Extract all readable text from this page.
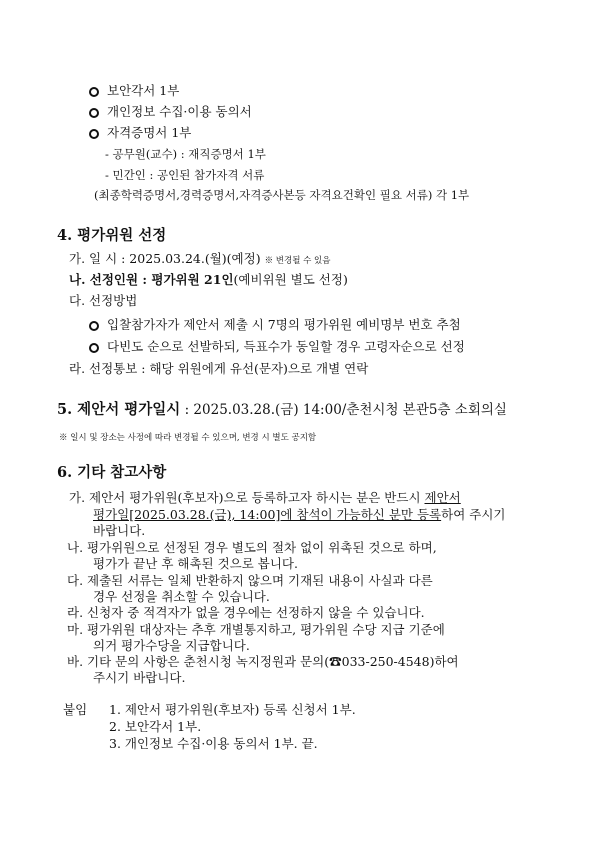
보안각서 1부
개인정보 수집·이용 동의서
자격증명서 1부
- 공무원(교수) : 재직증명서 1부
- 민간인 : 공인된 참가자격 서류
(최종학력증명서,경력증명서,자격증사본등 자격요건확인 필요 서류) 각 1부
4. 평가위원 선정
가. 일 시 : 2025.03.24.(월)(예정) ※ 변경될 수 있음
나. 선정인원 : 평가위원 21인(예비위원 별도 선정)
다. 선정방법
입찰참가자가 제안서 제출 시 7명의 평가위원 예비명부 번호 추첨
다빈도 순으로 선발하되, 득표수가 동일할 경우 고령자순으로 선정
라. 선정통보 : 해당 위원에게 유선(문자)으로 개별 연락
5. 제안서 평가일시 : 2025.03.28.(금) 14:00/춘천시청 본관5층 소회의실
※ 일시 및 장소는 사정에 따라 변경될 수 있으며, 변경 시 별도 공지함
6. 기타 참고사항
가. 제안서 평가위원(후보자)으로 등록하고자 하시는 분은 반드시 제안서
평가일[2025.03.28.(금), 14:00]에 참석이 가능하신 분만 등록하여 주시기
바랍니다.
나. 평가위원으로 선정된 경우 별도의 절차 없이 위촉된 것으로 하며,
평가가 끝난 후 해촉된 것으로 봅니다.
다. 제출된 서류는 일체 반환하지 않으며 기재된 내용이 사실과 다른
경우 선정을 취소할 수 있습니다.
라. 신청자 중 적격자가 없을 경우에는 선정하지 않을 수 있습니다.
마. 평가위원 대상자는 추후 개별통지하고, 평가위원 수당 지급 기준에
의거 평가수당을 지급합니다.
바. 기타 문의 사항은 춘천시청 녹지정원과 문의(☎033-250-4548)하여
주시기 바랍니다.
붙임 1. 제안서 평가위원(후보자) 등록 신청서 1부.
2. 보안각서 1부.
3. 개인정보 수집·이용 동의서 1부. 끝.
